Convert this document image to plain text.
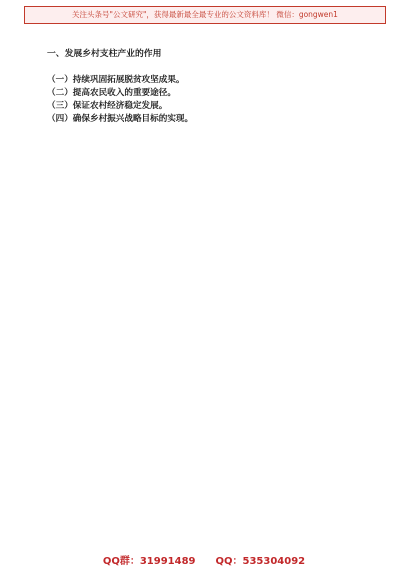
关注头条号"公文研究"，获得最新最全最专业的公文资料库！ 微信：gongwen1

一、发展乡村支柱产业的作用

（一）持续巩固拓展脱贫攻坚成果。

（二）提高农民收入的重要途径。

（三）保证农村经济稳定发展。

（四）确保乡村振兴战略目标的实现。

QQ群：31991489　　QQ：535304092
